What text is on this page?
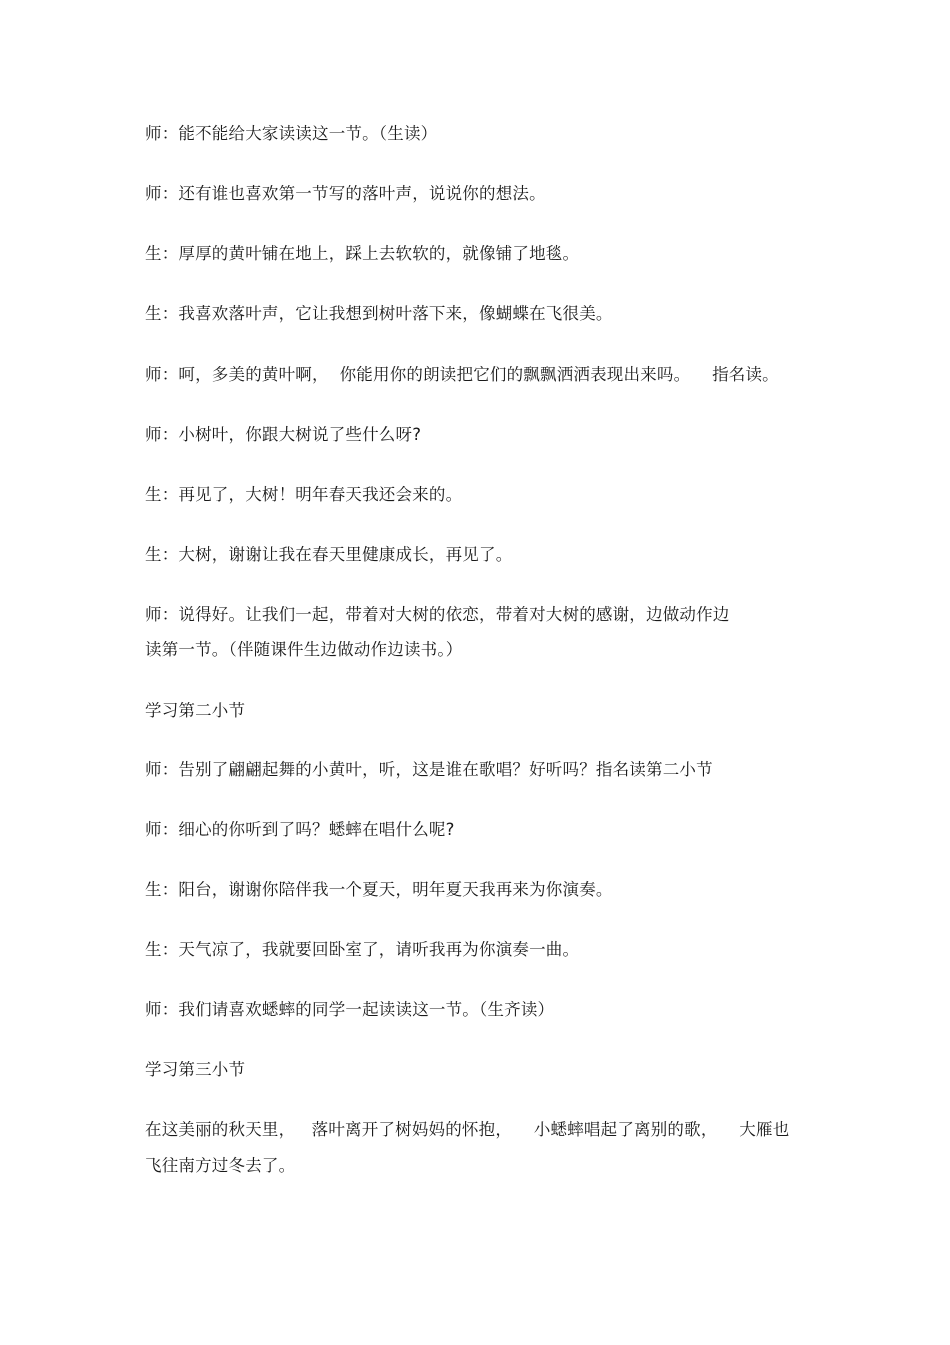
师：能不能给大家读读这一节。（生读）
师：还有谁也喜欢第一节写的落叶声，说说你的想法。
生：厚厚的黄叶铺在地上，踩上去软软的，就像铺了地毯。
生：我喜欢落叶声，它让我想到树叶落下来，像蝴蝶在飞很美。
师：呵，多美的黄叶啊，  你能用你的朗读把它们的飘飘洒洒表现出来吗。    指名读。
师：小树叶，你跟大树说了些什么呀?
生：再见了，大树！明年春天我还会来的。
生：大树，谢谢让我在春天里健康成长，再见了。
师：说得好。让我们一起，带着对大树的依恋，带着对大树的感谢，边做动作边
读第一节。（伴随课件生边做动作边读书。）
学习第二小节
师：告别了翩翩起舞的小黄叶，听，这是谁在歌唱？好听吗？指名读第二小节
师：细心的你听到了吗？蟋蟀在唱什么呢?
生：阳台，谢谢你陪伴我一个夏天，明年夏天我再来为你演奏。
生：天气凉了，我就要回卧室了，请听我再为你演奏一曲。
师：我们请喜欢蟋蟀的同学一起读读这一节。（生齐读）
学习第三小节
在这美丽的秋天里，   落叶离开了树妈妈的怀抱，    小蟋蟀唱起了离别的歌，    大雁也
飞往南方过冬去了。
